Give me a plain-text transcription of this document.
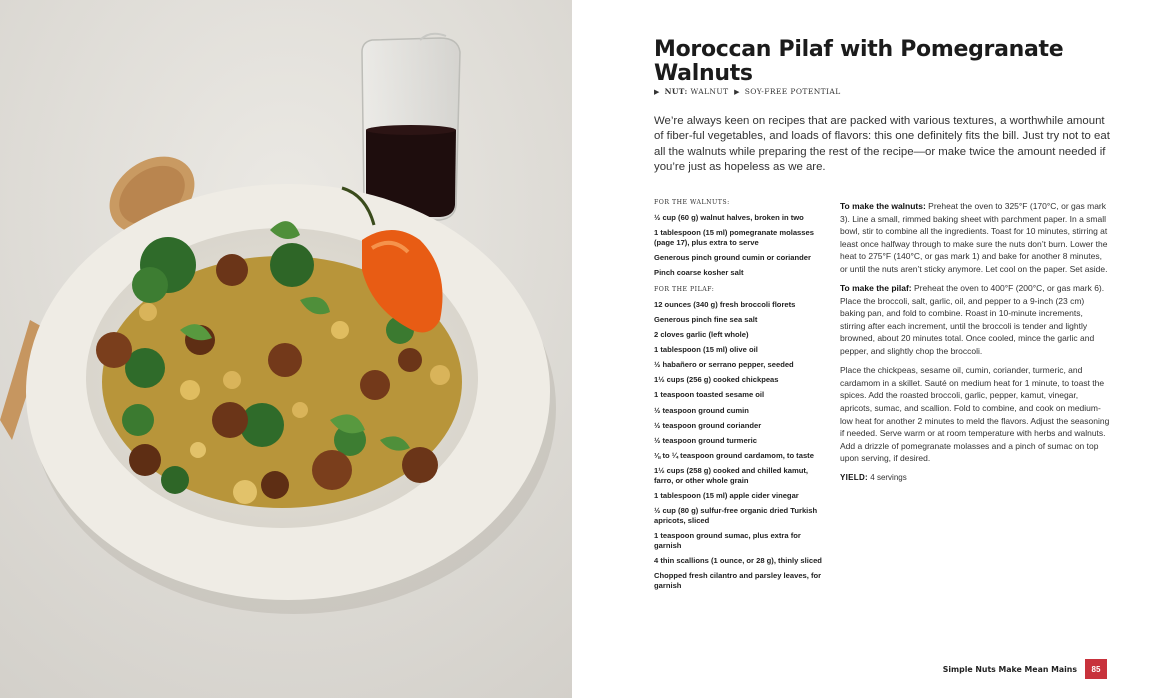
Moroccan Pilaf with Pomegranate Walnuts
▶ NUT: WALNUT ▶ SOY-FREE POTENTIAL

We’re always keen on recipes that are packed with various textures, a worthwhile amount of fiber-ful vegetables, and loads of flavors: this one definitely fits the bill. Just try not to eat all the walnuts while preparing the rest of the recipe—or make twice the amount needed if you’re just as hopeless as we are.

FOR THE WALNUTS:
½ cup (60 g) walnut halves, broken in two
1 tablespoon (15 ml) pomegranate molasses (page 17), plus extra to serve
Generous pinch ground cumin or coriander
Pinch coarse kosher salt
FOR THE PILAF:
12 ounces (340 g) fresh broccoli florets
Generous pinch fine sea salt
2 cloves garlic (left whole)
1 tablespoon (15 ml) olive oil
½ habañero or serrano pepper, seeded
1½ cups (256 g) cooked chickpeas
1 teaspoon toasted sesame oil
½ teaspoon ground cumin
½ teaspoon ground coriander
½ teaspoon ground turmeric
⅛ to ¼ teaspoon ground cardamom, to taste
1½ cups (258 g) cooked and chilled kamut, farro, or other whole grain
1 tablespoon (15 ml) apple cider vinegar
½ cup (80 g) sulfur-free organic dried Turkish apricots, sliced
1 teaspoon ground sumac, plus extra for garnish
4 thin scallions (1 ounce, or 28 g), thinly sliced
Chopped fresh cilantro and parsley leaves, for garnish

To make the walnuts: Preheat the oven to 325°F (170°C, or gas mark 3). Line a small, rimmed baking sheet with parchment paper. In a small bowl, stir to combine all the ingredients. Toast for 10 minutes, stirring at least once halfway through to make sure the nuts don’t burn. Lower the heat to 275°F (140°C, or gas mark 1) and bake for another 8 minutes, or until the nuts aren’t sticky anymore. Let cool on the paper. Set aside.

To make the pilaf: Preheat the oven to 400°F (200°C, or gas mark 6). Place the broccoli, salt, garlic, oil, and pepper to a 9-inch (23 cm) baking pan, and fold to combine. Roast in 10-minute increments, stirring after each increment, until the broccoli is tender and lightly browned, about 20 minutes total. Once cooled, mince the garlic and pepper, and slightly chop the broccoli.

Place the chickpeas, sesame oil, cumin, coriander, turmeric, and cardamom in a skillet. Sauté on medium heat for 1 minute, to toast the spices. Add the roasted broccoli, garlic, pepper, kamut, vinegar, apricots, sumac, and scallion. Fold to combine, and cook on medium-low heat for another 2 minutes to meld the flavors. Adjust the seasoning if needed. Serve warm or at room temperature with herbs and walnuts. Add a drizzle of pomegranate molasses and a pinch of sumac on top upon serving, if desired.

YIELD: 4 servings
Simple Nuts Make Mean Mains	85
